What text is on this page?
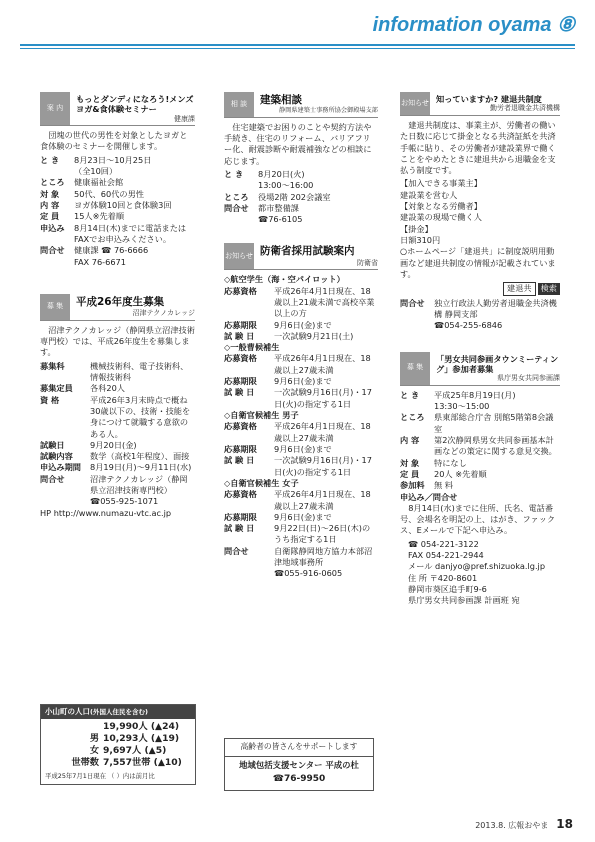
information oyama ⑧
案 内
もっとダンディになろう!メンズヨガ&食体験セミナー
健康課
団塊の世代の男性を対象としたヨガと食体験のセミナーを開催します。
と き	8月23日～10月25日
（全10回）
ところ	健康福祉会館
対 象	50代、60代の男性
内 容	ヨガ体験10回と食体験3回
定 員	15人※先着順
申込み	8月14日(木)までに電話またはFAXでお申込みください。
問合せ	健康課 ☎ 76-6666
FAX 76-6671
募 集	平成26年度生募集
沼津テクノカレッジ
沼津テクノカレッジ（静岡県立沼津技術専門校）では、平成26年度生を募集します。
募集科	機械技術科、電子技術科、情報技術科
募集定員	各科20人
資 格	平成26年3月末時点で概ね30歳以下の、技術・技能を身につけて就職する意欲のある人。
試験日	9月20日(金)
試験内容	数学（高校1年程度）、面接
申込み期間	8月19日(月)～9月11日(水)
問合せ	沼津テクノカレッジ（静岡県立沼津技術専門校）
☎055-925-1071
HP http://www.numazu-vtc.ac.jp
小山町の人口(外国人住民を含む)
19,990人 (▲24)
男 10,293人 (▲19)
女 9,697人 (▲5)
世帯数 7,557世帯 (▲10)
平成25年7月1日現在 （ ）内は前月比
相 談	建築相談
静岡県建築士事務所協会御殿場支部
住宅建築でお困りのことや契約方法や手続き、住宅のリフォーム、バリアフリー化、耐震診断や耐震補強などの相談に応じます。
と き	8月20日(火)
13:00～16:00
ところ	役場2階 202会議室
問合せ	都市整備課
☎76-6105
お知らせ 防衛省採用試験案内
防衛省
◇航空学生（海・空パイロット）
応募資格	平成26年4月1日現在、18歳以上21歳未満で高校卒業以上の方
応募期限	9月6日(金)まで
試 験 日	一次試験9月21日(土)
◇一般曹候補生
応募資格	平成26年4月1日現在、18歳以上27歳未満
応募期限	9月6日(金)まで
試 験 日	一次試験9月16日(月)・17日(火)の指定する1日
◇自衛官候補生 男子
応募資格	平成26年4月1日現在、18歳以上27歳未満
応募期限	9月6日(金)まで
試 験 日	一次試験9月16日(月)・17日(火)の指定する1日
◇自衛官候補生 女子
応募資格	平成26年4月1日現在、18歳以上27歳未満
応募期限	9月6日(金)まで
試 験 日	9月22日(日)～26日(木)のうち指定する1日
問合せ	自衛隊静岡地方協力本部沼津地域事務所
☎055-916-0605
高齢者の皆さんをサポートします
地域包括支援センター 平成の杜
☎76-9950
お知らせ 知っていますか? 建退共制度
勤労者退職金共済機構
建退共制度は、事業主が、労働者の働いた日数に応じて掛金となる共済証紙を共済手帳に貼り、その労働者が建設業界で働くことをやめたときに建退共から退職金を支払う制度です。
【加入できる事業主】
建設業を営む人
【対象となる労働者】
建設業の現場で働く人
【掛金】
日額310円
○ホームページ「建退共」に制度説明用動画など建退共制度の情報が記載されています。
建退共 検索
問合せ	独立行政法人勤労者退職金共済機構 静岡支部
☎054-255-6846
募 集
「男女共同参画タウンミーティング」参加者募集
県庁男女共同参画課
と き	平成25年8月19日(月)
13:30～15:00
ところ	県東部総合庁舎 別館5階第8会議室
内 容	第2次静岡県男女共同参画基本計画などの策定に関する意見交換。
対 象	特になし
定 員	20人 ※先着順
参加料	無 料
申込み／問合せ
8月14日(水)までに住所、氏名、電話番号、会場名を明記の上、はがき、ファックス、Eメールで下記へ申込み。
☎ 054-221-3122
FAX 054-221-2944
メール danjyo@pref.shizuoka.lg.jp
住 所 〒420-8601
静岡市葵区追手町9-6
県庁男女共同参画課 計画班 宛
2013.8. 広報おやま 18
